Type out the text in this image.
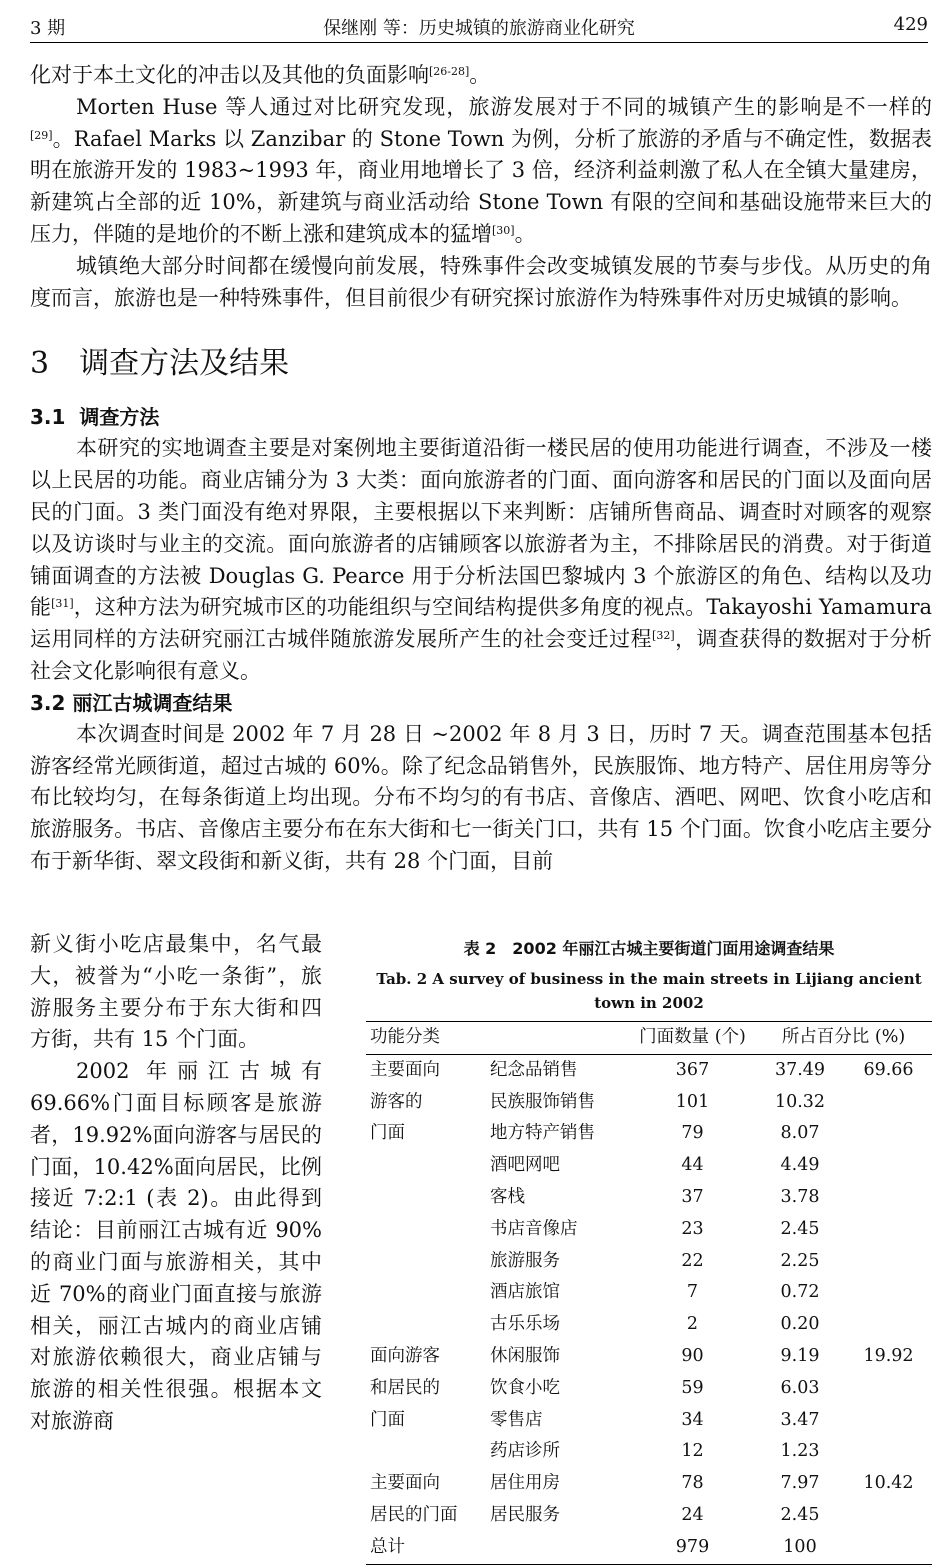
3 期	保继刚 等：历史城镇的旅游商业化研究	429

化对于本土文化的冲击以及其他的负面影响[26-28]。

Morten Huse 等人通过对比研究发现，旅游发展对于不同的城镇产生的影响是不一样的[29]。Rafael Marks 以 Zanzibar 的 Stone Town 为例，分析了旅游的矛盾与不确定性，数据表明在旅游开发的 1983~1993 年，商业用地增长了 3 倍，经济利益刺激了私人在全镇大量建房，新建筑占全部的近 10%，新建筑与商业活动给 Stone Town 有限的空间和基础设施带来巨大的压力，伴随的是地价的不断上涨和建筑成本的猛增[30]。

城镇绝大部分时间都在缓慢向前发展，特殊事件会改变城镇发展的节奏与步伐。从历史的角度而言，旅游也是一种特殊事件，但目前很少有研究探讨旅游作为特殊事件对历史城镇的影响。

3　调查方法及结果
3.1 调查方法

本研究的实地调查主要是对案例地主要街道沿街一楼民居的使用功能进行调查，不涉及一楼以上民居的功能。商业店铺分为 3 大类：面向旅游者的门面、面向游客和居民的门面以及面向居民的门面。3 类门面没有绝对界限，主要根据以下来判断：店铺所售商品、调查时对顾客的观察以及访谈时与业主的交流。面向旅游者的店铺顾客以旅游者为主，不排除居民的消费。对于街道铺面调查的方法被 Douglas G. Pearce 用于分析法国巴黎城内 3 个旅游区的角色、结构以及功能[31]，这种方法为研究城市区的功能组织与空间结构提供多角度的视点。Takayoshi Yamamura 运用同样的方法研究丽江古城伴随旅游发展所产生的社会变迁过程[32]，调查获得的数据对于分析社会文化影响很有意义。

3.2 丽江古城调查结果

本次调查时间是 2002 年 7 月 28 日 ~2002 年 8 月 3 日，历时 7 天。调查范围基本包括游客经常光顾街道，超过古城的 60%。除了纪念品销售外，民族服饰、地方特产、居住用房等分布比较均匀，在每条街道上均出现。分布不均匀的有书店、音像店、酒吧、网吧、饮食小吃店和旅游服务。书店、音像店主要分布在东大街和七一街关门口，共有 15 个门面。饮食小吃店主要分布于新华街、翠文段街和新义街，共有 28 个门面，目前

新义街小吃店最集中，名气最大，被誉为“小吃一条街”，旅游服务主要分布于东大街和四方街，共有 15 个门面。

2002 年丽江古城有 69.66%门面目标顾客是旅游者，19.92%面向游客与居民的门面，10.42%面向居民，比例接近 7:2:1 (表 2)。由此得到结论：目前丽江古城有近 90%的商业门面与旅游相关，其中近 70%的商业门面直接与旅游相关，丽江古城内的商业店铺对旅游依赖很大，商业店铺与旅游的相关性很强。根据本文对旅游商

表 2　2002 年丽江古城主要街道门面用途调查结果
Tab. 2 A survey of business in the main streets in Lijiang ancient town in 2002
功能分类		门面数量 (个)	所占百分比 (%)	
主要面向	纪念品销售	367	37.49	69.66
游客的	民族服饰销售	101	10.32	
门面	地方特产销售	79	8.07	
	酒吧网吧	44	4.49	
	客栈	37	3.78	
	书店音像店	23	2.45	
	旅游服务	22	2.25	
	酒店旅馆	7	0.72	
	古乐乐场	2	0.20	
面向游客	休闲服饰	90	9.19	19.92
和居民的	饮食小吃	59	6.03	
门面	零售店	34	3.47	
	药店诊所	12	1.23	
主要面向	居住用房	78	7.97	10.42
居民的门面	居民服务	24	2.45	
总计		979	100	
